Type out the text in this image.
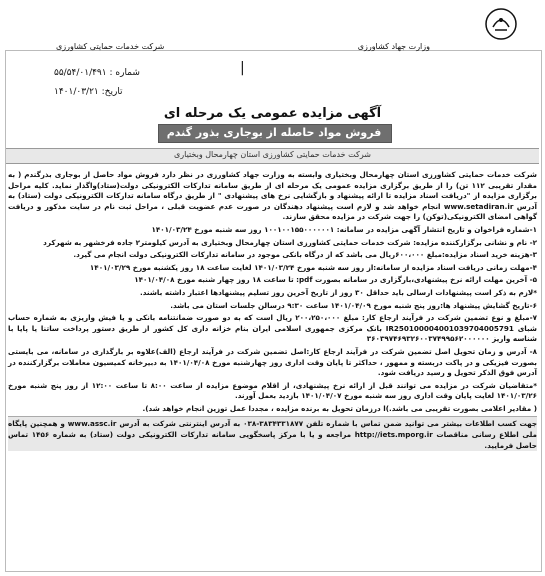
وزارت جهاد کشاورزی
شرکت خدمات حمایتی کشاورزی
|
شماره : ۵۵/۵۴/۰۱/۴۹۱
تاریخ: ۱۴۰۱/۰۳/۲۱
آگهی مزایده عمومی یک مرحله ای
فروش مواد حاصله از بوجاری بذور گندم
شرکت خدمات حمایتی کشاورزی استان چهارمحال وبختیاری

شرکت خدمات حمایتی کشاورزی استان چهارمحال وبختیاری وابسته به وزارت جهاد کشاورزی در نظر دارد فروش مواد حاصل از بوجاری بذرگندم ( به مقدار تقریبی ۱۱۲ تن) را از طریق برگزاری مزایده عمومی یک مرحله ای از طریق سامانه تدارکات الکترونیکی دولت(ستاد)واگذار نماید. کلیه مراحل برگزاری مزایده از "دریافت اسناد مزایده تا ارائه پیشنهاد و بازگشایی نرخ های پیشنهادی " از طریق درگاه سامانه تدارکات الکترونیکی دولت (ستاد) به آدرس www.setadiran.ir انجام خواهد شد و لازم است پیشنهاد دهندگان در صورت عدم عضویت قبلی ، مراحل ثبت نام در سایت مذکور و دریافت گواهی امضای الکترونیکی(توکن) را جهت شرکت در مزایده محقق سازند.

۱-شماره فراخوان و تاریخ انتشار آگهی مزایده در سامانه: ۱۰۰۱۰۰۱۵۵۰۰۰۰۰۰۱ روز سه شنبه مورخ ۱۴۰۱/۰۳/۲۴

۲- نام و نشانی برگزارکننده مزایده: شرکت خدمات حمایتی کشاورزی استان چهارمحال وبختیاری به آدرس کیلومتر۲ جاده فرخشهر به شهرکرد

۳-هزینه خرید اسناد مزایده:مبلغ ۶۰۰،۰۰۰ریال می باشد که از درگاه بانکی موجود در سامانه تدارکات الکترونیکی دولت انجام می گیرد.

۴-مهلت زمانی دریافت اسناد مزایده از سامانه:از روز سه شنبه مورخ ۱۴۰۱/۰۳/۲۴ لغایت ساعت ۱۸ روز یکشنبه مورخ ۱۴۰۱/۰۳/۲۹

۵- آخرین مهلت ارائه نرخ پیشنهادی،بارگزاری در سامانه بصورت pdf: تا ساعت ۱۸ روز چهار شنبه مورخ ۱۴۰۱/۰۴/۰۸

*لازم به ذکر است پیشنهادات ارسالی باید حداقل ۳۰ روز از تاریخ آخرین روز تسلیم پیشنهادها اعتبار داشته باشند.

۶-تاریخ گشایش پیشنهاد ها:روز پنج شنبه مورخ ۱۴۰۱/۰۴/۰۹ ساعت ۹:۳۰ درسالن جلسات استان می باشد.

۷-مبلغ و نوع تضمین شرکت در فرآیند ارجاع کار: مبلغ ۲۰۰،۲۵۰،۰۰۰ ریال است که به دو صورت ضمانتنامه بانکی و یا فیش واریزی به شماره حساب شبای IR250100004001039704005791 بانک مرکزی جمهوری اسلامی ایران بنام خزانه داری کل کشور از طریق دستور پرداخت ساتنا یا پایا با شناسه واریز ۳۶۰۳۹۷۴۶۹۳۲۶۰۰۳۷۴۹۹۵۶۲۰۰۰۰۰۰

۸- آدرس و زمان تحویل اصل تضمین شرکت در فرآیند ارجاع کار:اصل تضمین شرکت در فرآیند ارجاع (الف)علاوه بر بارگذاری در سامانه، می بایستی بصورت فیزیکی و در پاکت دربسته و ممهور ، حداکثر تا پایان وقت اداری روز چهارشنبه مورخ ۱۴۰۱/۰۴/۰۸ به دبیرخانه کمیسیون معاملات برگزارکننده در آدرس فوق الذکر تحویل و رسید دریافت شود.

*متقاضیان شرکت در مزایده می توانند قبل از ارائه نرخ پیشنهادی، از اقلام موضوع مزایده از ساعت ۸:۰۰ تا ساعت ۱۲:۰۰ از روز پنج شنبه مورخ ۱۴۰۱/۰۳/۲۶ لغایت پایان وقت اداری روز سه شنبه مورخ ۱۴۰۱/۰۴/۰۷ بازدید بعمل آورند.

( مقادیر اعلامی بصورت تقریبی می باشد.)ا درزمان تحویل به برنده مزایده ، مجددا عمل توزین انجام خواهد شد).

جهت کسب اطلاعات بیشتر می توانید ضمن تماس با شماره تلفن ۳۸۳۴۳۳۱۸۷۷-۰۳۸ به آدرس اینترنتی شرکت به آدرس www.assc.ir و همچنین پایگاه ملی اطلاع رسانی مناقصات http://iets.mporg.ir مراجعه و یا با مرکز پاسخگویی سامانه تدارکات الکترونیکی دولت (ستاد) به شماره ۱۴۵۶ تماس حاصل فرمایید.
